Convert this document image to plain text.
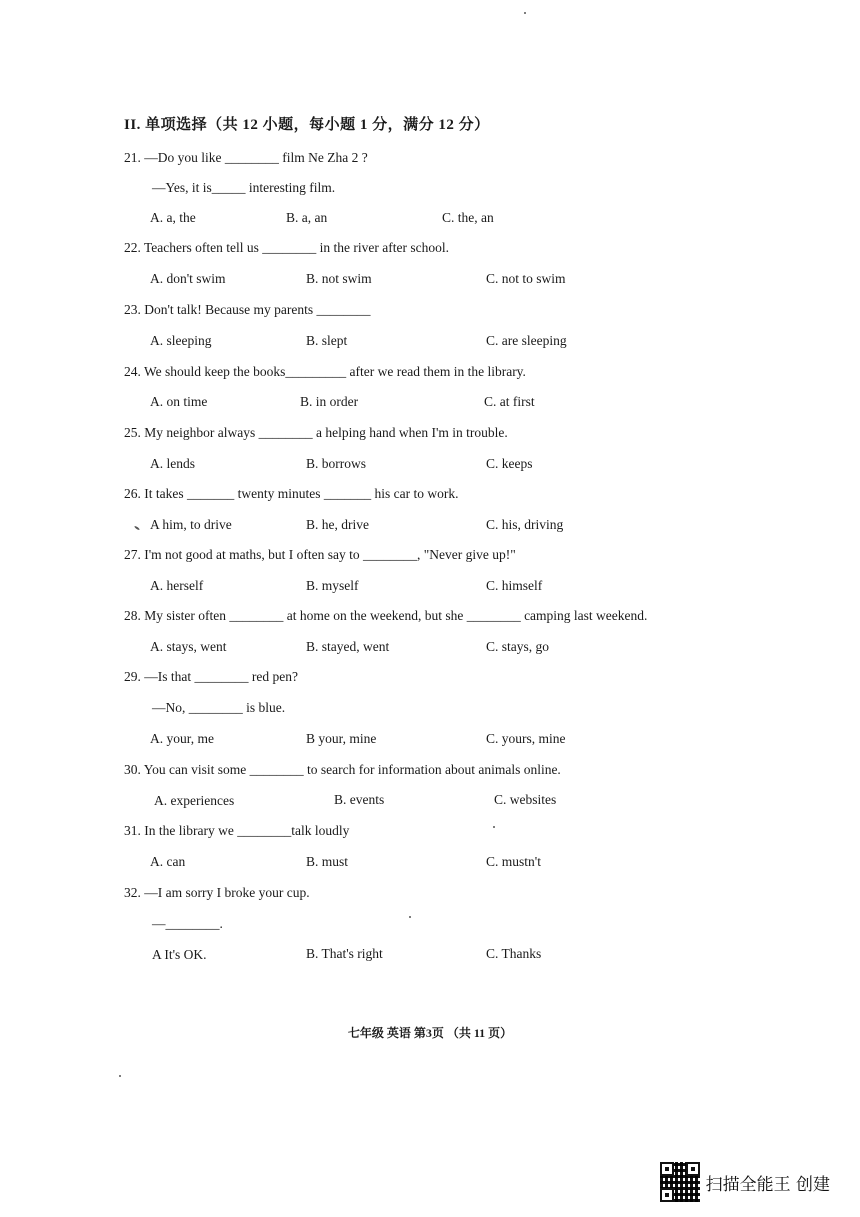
II. 单项选择（共 12 小题，每小题 1 分，满分 12 分）
21. —Do you like ________ film Ne Zha 2 ?
—Yes, it is_____ interesting film.
A. a, the	B. a, an	C. the, an
22. Teachers often tell us ________ in the river after school.
A. don't swim	B. not swim	C. not to swim
23. Don't talk! Because my parents ________
A. sleeping	B. slept	C. are sleeping
24. We should keep the books_________ after we read them in the library.
A. on time	B. in order	C. at first
25. My neighbor always ________ a helping hand when I'm in trouble.
A. lends	B. borrows	C. keeps
26. It takes _______ twenty minutes _______ his car to work.
A him, to drive	B. he, drive	C. his, driving
27. I'm not good at maths, but I often say to ________, "Never give up!"
A. herself	B. myself	C. himself
28. My sister often ________ at home on the weekend, but she ________ camping last weekend.
A. stays, went	B. stayed, went	C. stays, go
29. —Is that ________ red pen?
—No, ________ is blue.
A. your, me	B your, mine	C. yours, mine
30. You can visit some ________ to search for information about animals online.
A. experiences	B. events	C. websites
31. In the library we ________talk loudly
A. can	B. must	C. mustn't
32. —I am sorry I broke your cup.
—________.
A It's OK.	B. That's right	C. Thanks
七年级 英语 第3页 （共 11 页）
扫描全能王 创建
